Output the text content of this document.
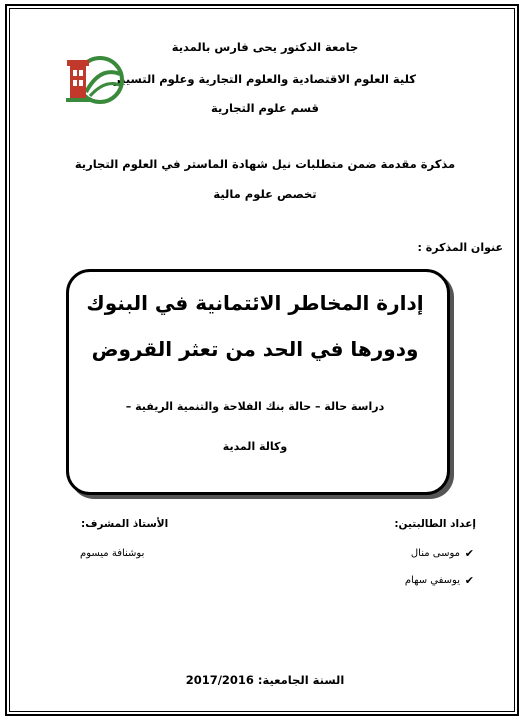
جامعة الدكتور يحى فارس بالمدية
كلية العلوم الاقتصادية والعلوم التجارية وعلوم التسيير
قسم علوم التجارية
مذكرة مقدمة ضمن متطلبات نيل شهادة الماستر في العلوم التجارية
تخصص علوم مالية
عنوان المذكرة :
إدارة المخاطر الائتمانية في البنوك
ودورها في الحد من تعثر القروض
دراسة حالة – حالة بنك الفلاحة والتنمية الريفية –
وكالة المدية
إعداد الطالبتين:
الأستاذ المشرف:
✔
موسى منال
✔
يوسفي سهام
بوشنافة ميسوم
السنة الجامعية: 2017/2016
